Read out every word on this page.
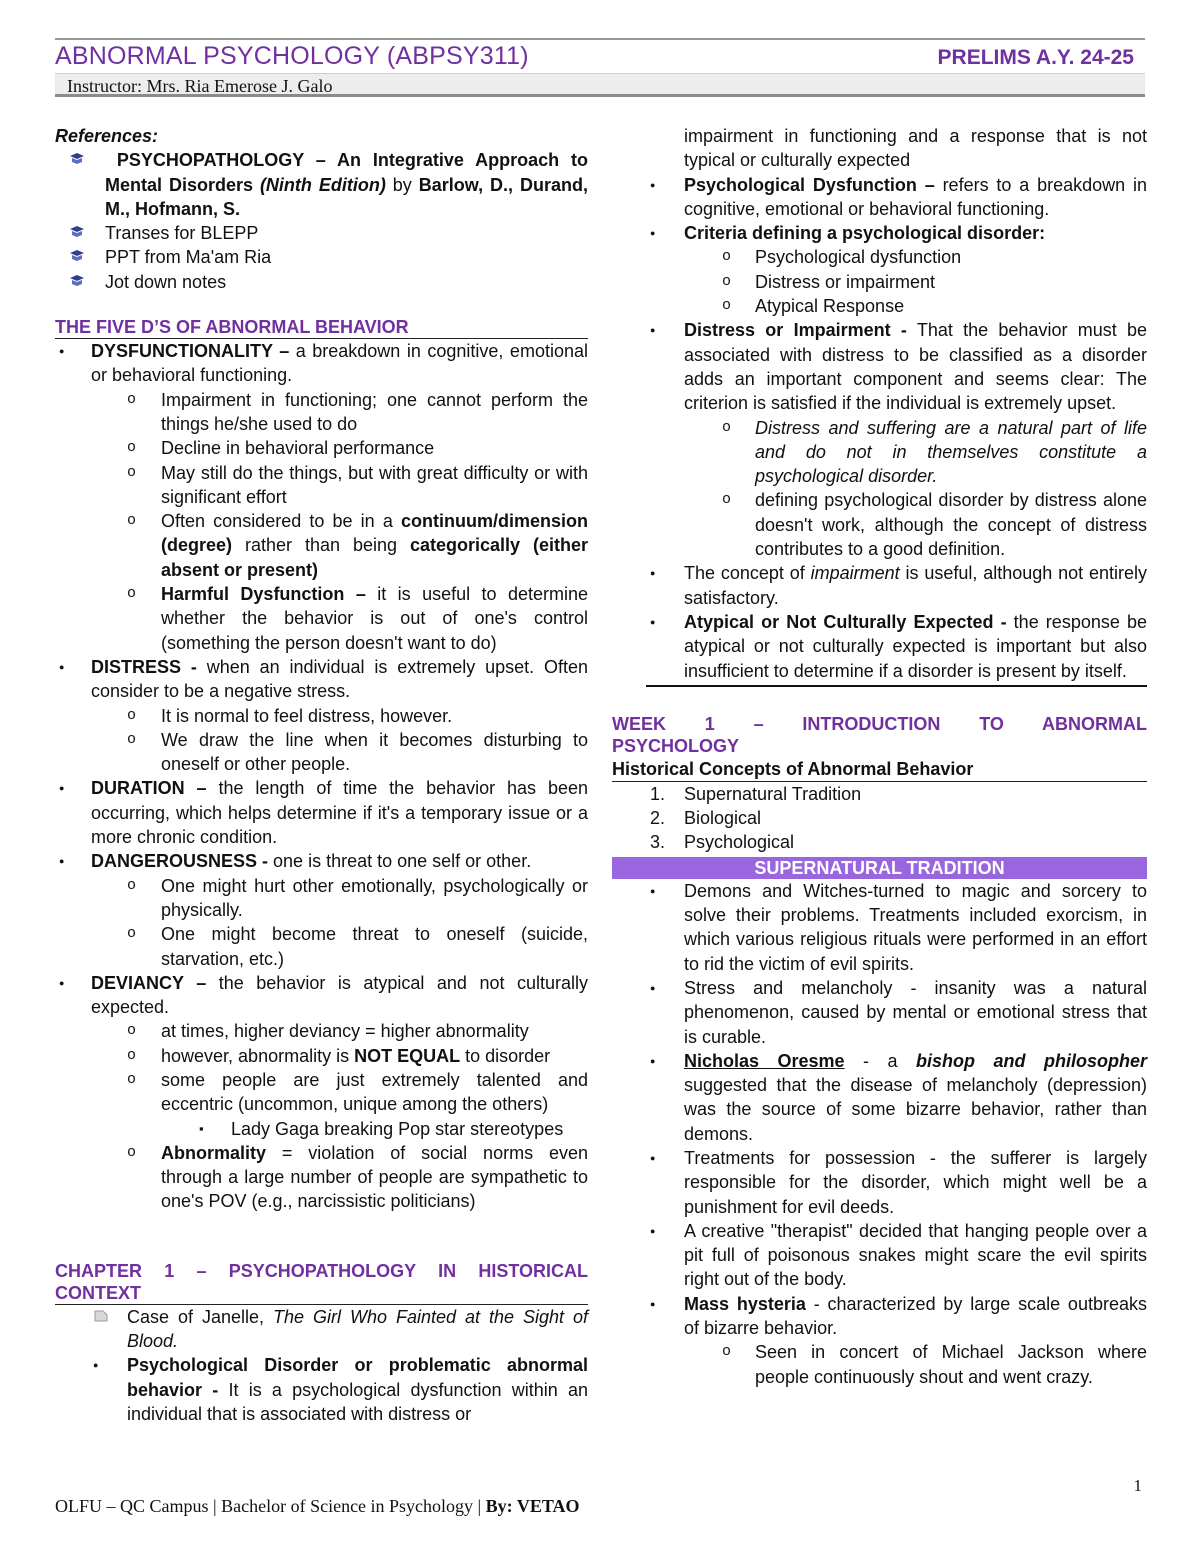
ABNORMAL PSYCHOLOGY (ABPSY311)	PRELIMS A.Y. 24-25
Instructor: Mrs. Ria Emerose J. Galo

References:

PSYCHOPATHOLOGY – An Integrative Approach to Mental Disorders (Ninth Edition) by Barlow, D., Durand, M., Hofmann, S.
Transes for BLEPP
PPT from Ma'am Ria
Jot down notes
THE FIVE D’S OF ABNORMAL BEHAVIOR
● DYSFUNCTIONALITY – a breakdown in cognitive, emotional or behavioral functioning.
o Impairment in functioning; one cannot perform the things he/she used to do
o Decline in behavioral performance
o May still do the things, but with great difficulty or with significant effort
o Often considered to be in a continuum/dimension (degree) rather than being categorically (either absent or present)
o Harmful Dysfunction – it is useful to determine whether the behavior is out of one's control (something the person doesn't want to do)
● DISTRESS - when an individual is extremely upset. Often consider to be a negative stress.
o It is normal to feel distress, however.
o We draw the line when it becomes disturbing to oneself or other people.
● DURATION – the length of time the behavior has been occurring, which helps determine if it's a temporary issue or a more chronic condition.
● DANGEROUSNESS - one is threat to one self or other.
o One might hurt other emotionally, psychologically or physically.
o One might become threat to oneself (suicide, starvation, etc.)
● DEVIANCY – the behavior is atypical and not culturally expected.
o at times, higher deviancy = higher abnormality
o however, abnormality is NOT EQUAL to disorder
o some people are just extremely talented and eccentric (uncommon, unique among the others)
▪ Lady Gaga breaking Pop star stereotypes
o Abnormality = violation of social norms even through a large number of people are sympathetic to one's POV (e.g., narcissistic politicians)
CHAPTER 1 – PSYCHOPATHOLOGY IN HISTORICAL CONTEXT
Case of Janelle, The Girl Who Fainted at the Sight of Blood.
● Psychological Disorder or problematic abnormal behavior - It is a psychological dysfunction within an individual that is associated with distress or
impairment in functioning and a response that is not typical or culturally expected
● Psychological Dysfunction – refers to a breakdown in cognitive, emotional or behavioral functioning.
● Criteria defining a psychological disorder:
o Psychological dysfunction
o Distress or impairment
o Atypical Response
● Distress or Impairment - That the behavior must be associated with distress to be classified as a disorder adds an important component and seems clear: The criterion is satisfied if the individual is extremely upset.
o Distress and suffering are a natural part of life and do not in themselves constitute a psychological disorder.
o defining psychological disorder by distress alone doesn't work, although the concept of distress contributes to a good definition.
● The concept of impairment is useful, although not entirely satisfactory.
● Atypical or Not Culturally Expected - the response be atypical or not culturally expected is important but also insufficient to determine if a disorder is present by itself.
WEEK 1 – INTRODUCTION TO ABNORMAL
PSYCHOLOGY
Historical Concepts of Abnormal Behavior
1. Supernatural Tradition
2. Biological
3. Psychological
SUPERNATURAL TRADITION
● Demons and Witches-turned to magic and sorcery to solve their problems. Treatments included exorcism, in which various religious rituals were performed in an effort to rid the victim of evil spirits.
● Stress and melancholy - insanity was a natural phenomenon, caused by mental or emotional stress that is curable.
● Nicholas Oresme - a bishop and philosopher suggested that the disease of melancholy (depression) was the source of some bizarre behavior, rather than demons.
● Treatments for possession - the sufferer is largely responsible for the disorder, which might well be a punishment for evil deeds.
● A creative "therapist" decided that hanging people over a pit full of poisonous snakes might scare the evil spirits right out of the body.
● Mass hysteria - characterized by large scale outbreaks of bizarre behavior.
o Seen in concert of Michael Jackson where people continuously shout and went crazy.
1
OLFU – QC Campus | Bachelor of Science in Psychology | By: VETAO
